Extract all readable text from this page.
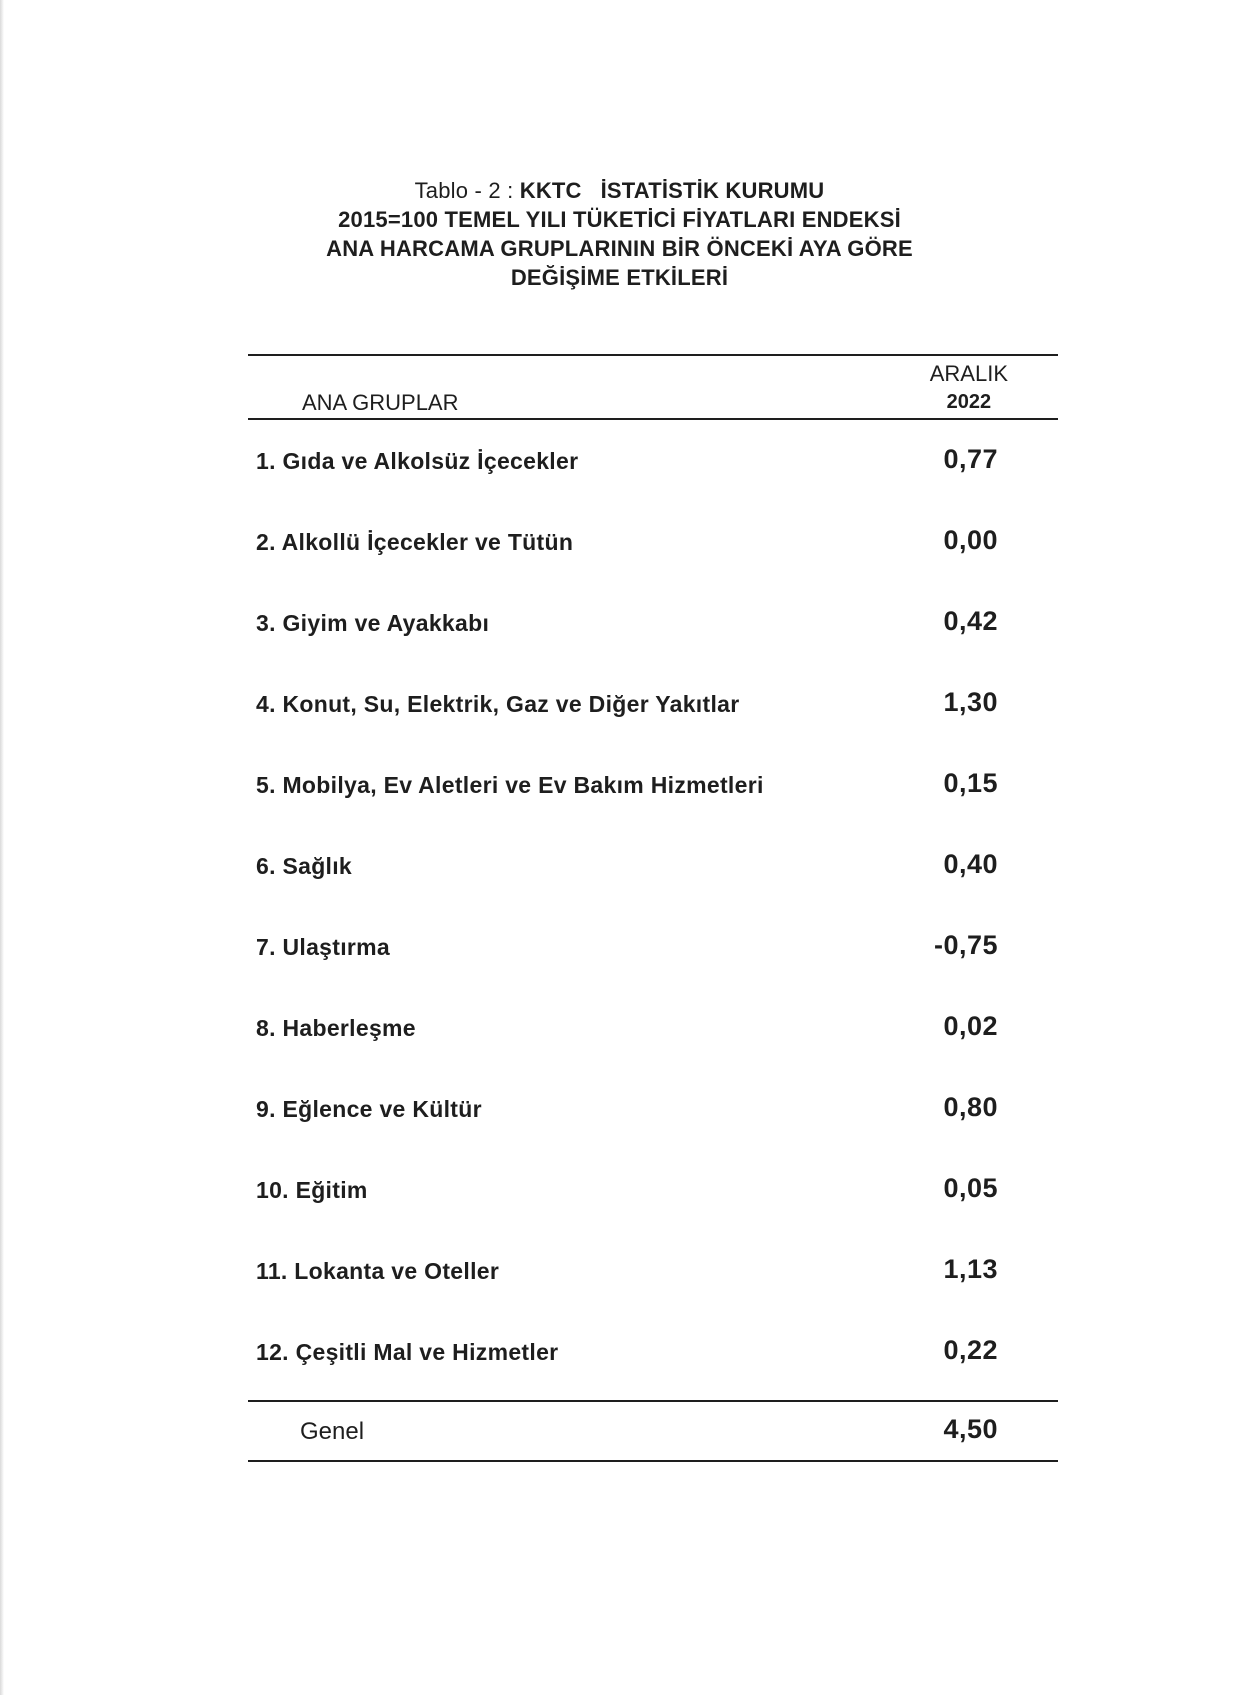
Tablo - 2 : KKTC   İSTATİSTİK KURUMU
2015=100 TEMEL YILI TÜKETİCİ FİYATLARI ENDEKSİ
ANA HARCAMA GRUPLARININ BİR ÖNCEKİ AYA GÖRE
DEĞİŞİME ETKİLERİ
ANA GRUPLAR
ARALIK
2022
1. Gıda ve Alkolsüz İçecekler	0,77
2. Alkollü İçecekler ve Tütün	0,00
3. Giyim ve Ayakkabı	0,42
4. Konut, Su, Elektrik, Gaz ve Diğer Yakıtlar	1,30
5. Mobilya, Ev Aletleri ve Ev Bakım Hizmetleri	0,15
6. Sağlık	0,40
7. Ulaştırma	-0,75
8. Haberleşme	0,02
9. Eğlence ve Kültür	0,80
10. Eğitim	0,05
11. Lokanta ve Oteller	1,13
12. Çeşitli Mal ve Hizmetler	0,22
Genel	4,50
